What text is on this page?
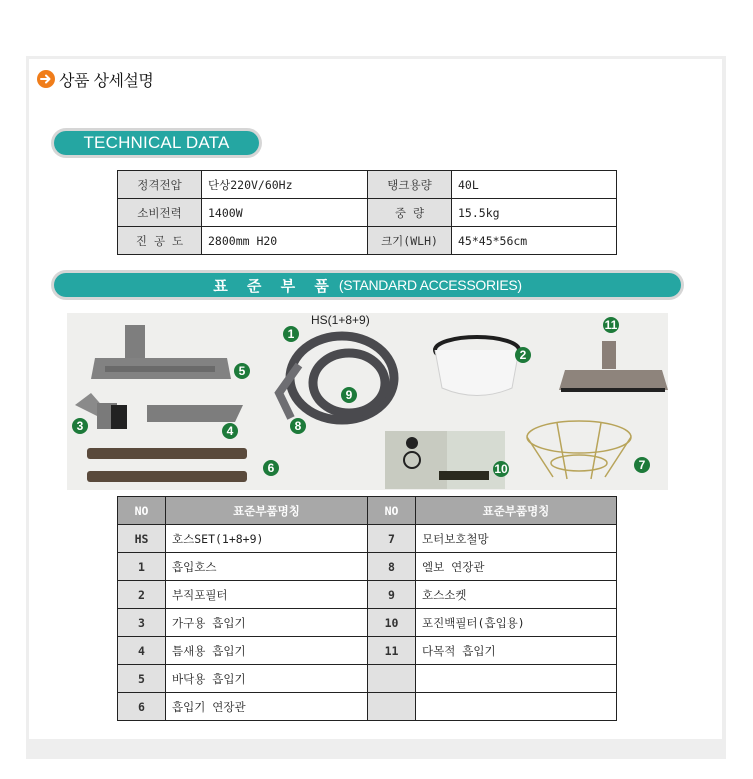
상품 상세설명
TECHNICAL DATA
정격전압	단상220V/60Hz	탱크용량	40L
소비전력	1400W	중 량	15.5kg
진 공 도	2800mm H20	크기(WLH)	45*45*56cm
표 준 부 품 (STANDARD ACCESSORIES)
HS(1+8+9)
1
2
3	4
5
6	7
8
9
10
11
NO	표준부품명칭	NO	표준부품명칭
HS	호스SET(1+8+9)	7	모터보호철망
1	흡입호스	8	엘보 연장관
2	부직포필터	9	호스소켓
3	가구용 흡입기	10	포진백필터(흡입용)
4	틈새용 흡입기	11	다목적 흡입기
5	바닥용 흡입기		
6	흡입기 연장관		
